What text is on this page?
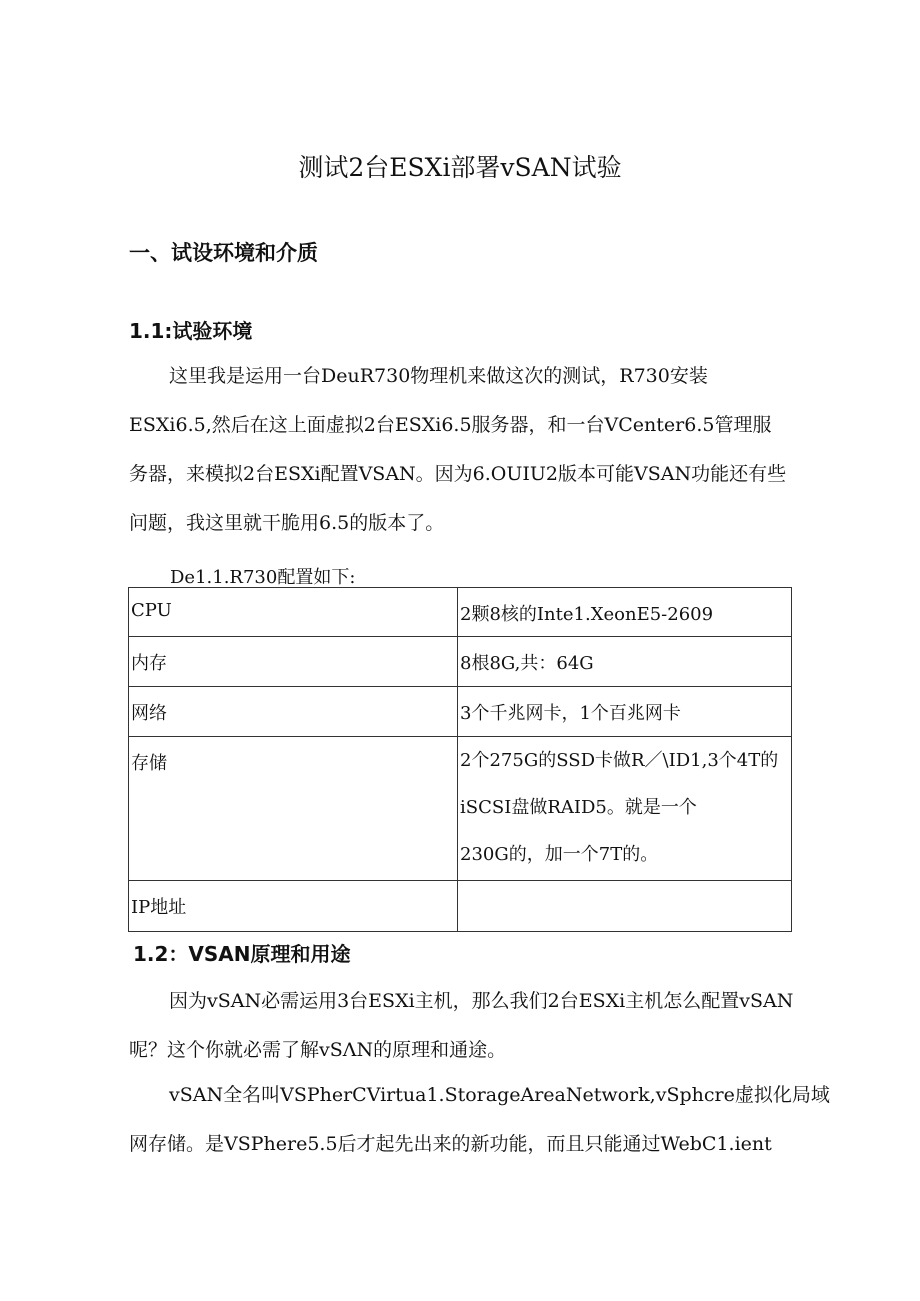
测试2台ESXi部署vSAN试验
一、试设环境和介质
1.1:试验环境
这里我是运用一台DeuR730物理机来做这次的测试，R730安装
ESXi6.5,然后在这上面虚拟2台ESXi6.5服务器，和一台VCenter6.5管理服
务器，来模拟2台ESXi配置VSAN。因为6.OUIU2版本可能VSAN功能还有些
问题，我这里就干脆用6.5的版本了。
De1.1.R730配置如下:
CPU	2颗8核的Inte1.XeonE5-2609
内存	8根8G,共：64G
网络	3个千兆网卡，1个百兆网卡
存储	2个275G的SSD卡做R／\ID1,3个4T的
iSCSI盘做RAID5。就是一个
230G的，加一个7T的。

IP地址	
1.2：VSAN原理和用途
因为vSAN必需运用3台ESXi主机，那么我们2台ESXi主机怎么配置vSAN
呢？这个你就必需了解vSΛN的原理和通途。
vSAN全名叫VSPherCVirtua1.StorageAreaNetwork,vSphcre虚拟化局域
网存储。是VSPhere5.5后才起先出来的新功能，而且只能通过WebC1.ient
